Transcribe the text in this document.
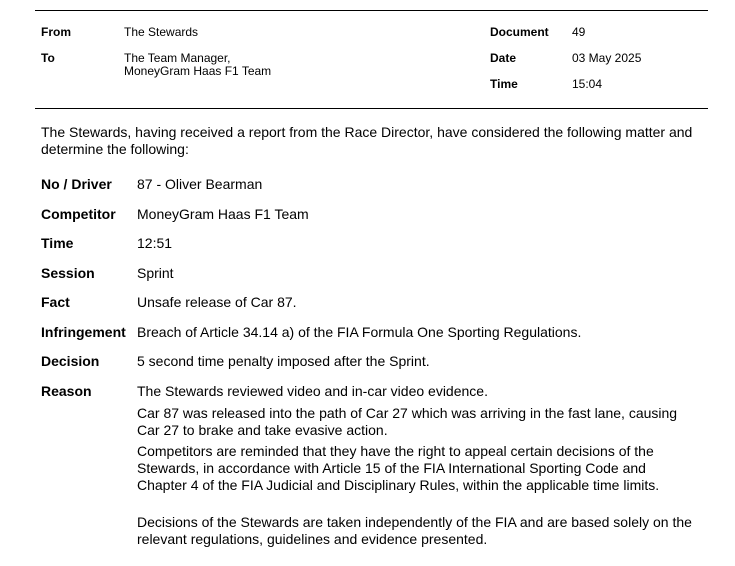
From	The Stewards
To	The Team Manager,
MoneyGram Haas F1 Team
Document 49
Date	03 May 2025
Time	15:04
The Stewards, having received a report from the Race Director, have considered the following matter and determine the following:
No / Driver 87 - Oliver Bearman
Competitor MoneyGram Haas F1 Team
Time	12:51
Session	Sprint
Fact	Unsafe release of Car 87.
Infringement Breach of Article 34.14 a) of the FIA Formula One Sporting Regulations.
Decision	5 second time penalty imposed after the Sprint.
Reason	The Stewards reviewed video and in-car video evidence.
Car 87 was released into the path of Car 27 which was arriving in the fast lane, causing Car 27 to brake and take evasive action.
Competitors are reminded that they have the right to appeal certain decisions of the Stewards, in accordance with Article 15 of the FIA International Sporting Code and Chapter 4 of the FIA Judicial and Disciplinary Rules, within the applicable time limits.
Decisions of the Stewards are taken independently of the FIA and are based solely on the relevant regulations, guidelines and evidence presented.
